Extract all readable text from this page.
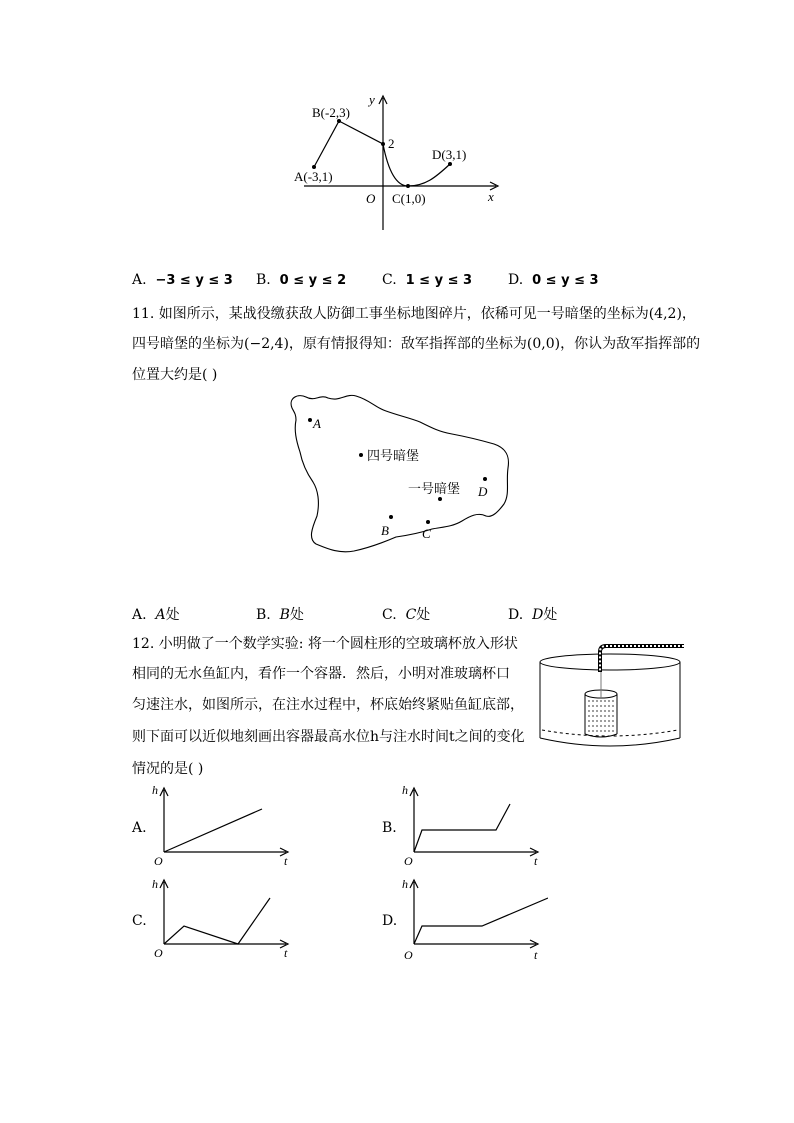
y
x
O
B(-2,3)
2
D(3,1)
A(-3,1)
C(1,0)
A. −3 ≤ y ≤ 3 B. 0 ≤ y ≤ 2	C. 1 ≤ y ≤ 3	D. 0 ≤ y ≤ 3
11. 如图所示，某战役缴获敌人防御工事坐标地图碎片，依稀可见一号暗堡的坐标为(4,2)，
四号暗堡的坐标为(−2,4)，原有情报得知：敌军指挥部的坐标为(0,0)，你认为敌军指挥部的
位置大约是( )
A
四号暗堡
一号暗堡 D
B	C
A. A处	B. B处	C. C处	D. D处
12. 小明做了一个数学实验: 将一个圆柱形的空玻璃杯放入形状
相同的无水鱼缸内，看作一个容器．然后，小明对准玻璃杯口
匀速注水，如图所示，在注水过程中，杯底始终紧贴鱼缸底部，
则下面可以近似地刻画出容器最高水位h与注水时间t之间的变化
情况的是( )
A.
h
O	t
B.
h
O	t
C.
h
O	t
D.
h
O	t
